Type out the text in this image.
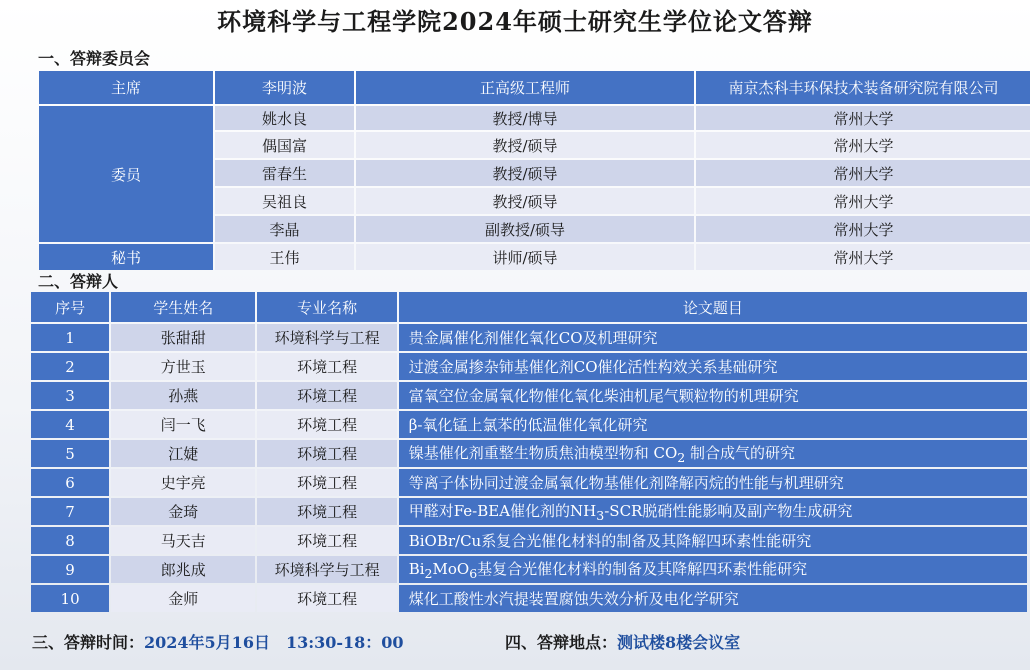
环境科学与工程学院2024年硕士研究生学位论文答辩
一、答辩委员会
主席	李明波	正高级工程师	南京杰科丰环保技术装备研究院有限公司
委员	姚水良	教授/博导	常州大学
	偶国富	教授/硕导	常州大学
	雷春生	教授/硕导	常州大学
	吴祖良	教授/硕导	常州大学
	李晶	副教授/硕导	常州大学
秘书	王伟	讲师/硕导	常州大学
二、答辩人
序号	学生姓名	专业名称	论文题目
1	张甜甜	环境科学与工程	贵金属催化剂催化氧化CO及机理研究
2	方世玉	环境工程	过渡金属掺杂铈基催化剂CO催化活性构效关系基础研究
3	孙燕	环境工程	富氧空位金属氧化物催化氧化柴油机尾气颗粒物的机理研究
4	闫一飞	环境工程	β-氧化锰上氯苯的低温催化氧化研究
5	江婕	环境工程	镍基催化剂重整生物质焦油模型物和 $CO_2$ 制合成气的研究
6	史宇亮	环境工程	等离子体协同过渡金属氧化物基催化剂降解丙烷的性能与机理研究
7	金琦	环境工程	甲醛对Fe-BEA催化剂的$NH_3$-SCR脱硝性能影响及副产物生成研究
8	马天吉	环境工程	BiOBr/Cu系复合光催化材料的制备及其降解四环素性能研究
9	郎兆成	环境科学与工程	$Bi_2MoO_6$基复合光催化材料的制备及其降解四环素性能研究
10	金师	环境工程	煤化工酸性水汽提装置腐蚀失效分析及电化学研究
三、答辩时间：2024年5月16日　13:30-18：00	四、答辩地点：测试楼8楼会议室
